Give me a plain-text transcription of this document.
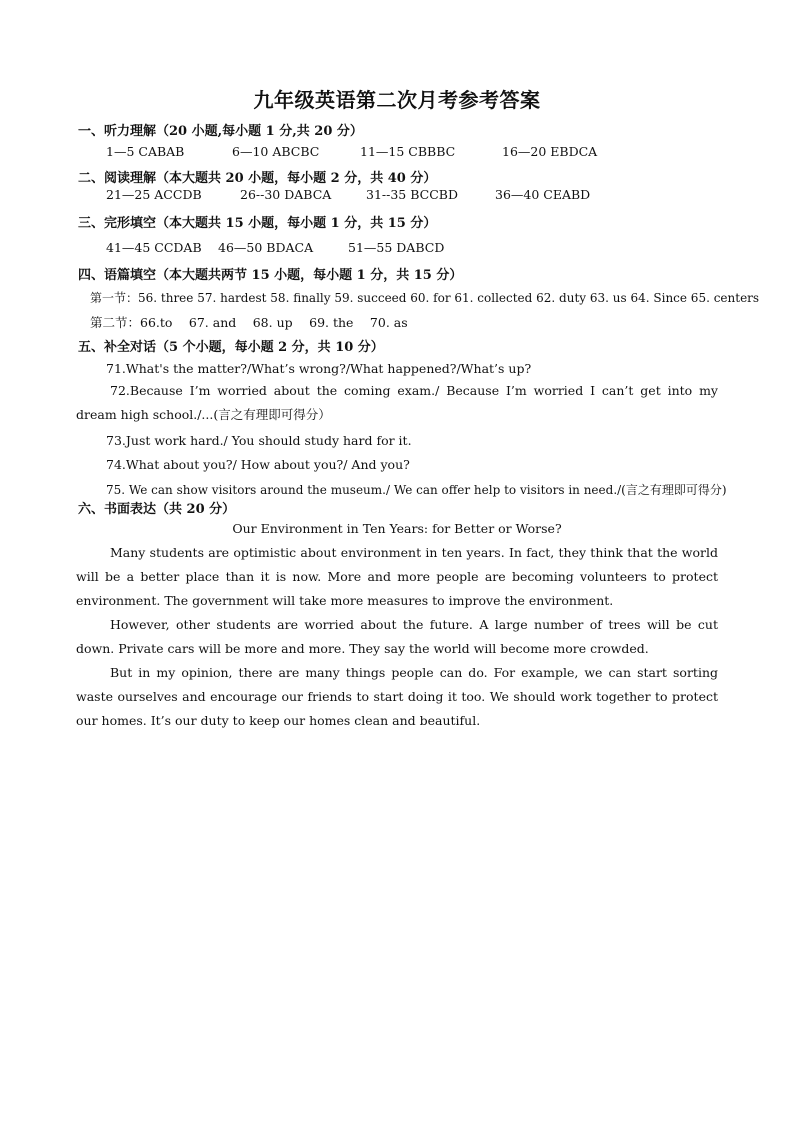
九年级英语第二次月考参考答案
一、听力理解（20 小题,每小题 1 分,共 20 分）
1—5 CABAB	6—10 ABCBC	11—15 CBBBC	16—20 EBDCA
二、阅读理解（本大题共 20 小题，每小题 2 分，共 40 分）
21—25 ACCDB	26--30 DABCA	31--35 BCCBD	36—40 CEABD
三、完形填空（本大题共 15 小题，每小题 1 分，共 15 分）
41—45 CCDAB 46—50 BDACA	51—55 DABCD
四、语篇填空（本大题共两节 15 小题，每小题 1 分，共 15 分）
第一节：56. three 57. hardest 58. finally 59. succeed 60. for 61. collected 62. duty 63. us 64. Since 65. centers
第二节：66.to　 67. and　 68. up　 69. the　 70. as
五、补全对话（5 个小题，每小题 2 分，共 10 分）
71.What's the matter?/What’s wrong?/What happened?/What’s up?
72.Because I’m worried about the coming exam./ Because I’m worried I can’t get into my dream high school./...(言之有理即可得分）
73.Just work hard./ You should study hard for it.
74.What about you?/ How about you?/ And you?
75. We can show visitors around the museum./ We can offer help to visitors in need./(言之有理即可得分)
六、书面表达（共 20 分）
Our Environment in Ten Years: for Better or Worse?
Many students are optimistic about environment in ten years. In fact, they think that the world will be a better place than it is now. More and more people are becoming volunteers to protect environment. The government will take more measures to improve the environment.
However, other students are worried about the future. A large number of trees will be cut down. Private cars will be more and more. They say the world will become more crowded.
But in my opinion, there are many things people can do. For example, we can start sorting waste ourselves and encourage our friends to start doing it too. We should work together to protect our homes. It’s our duty to keep our homes clean and beautiful.
